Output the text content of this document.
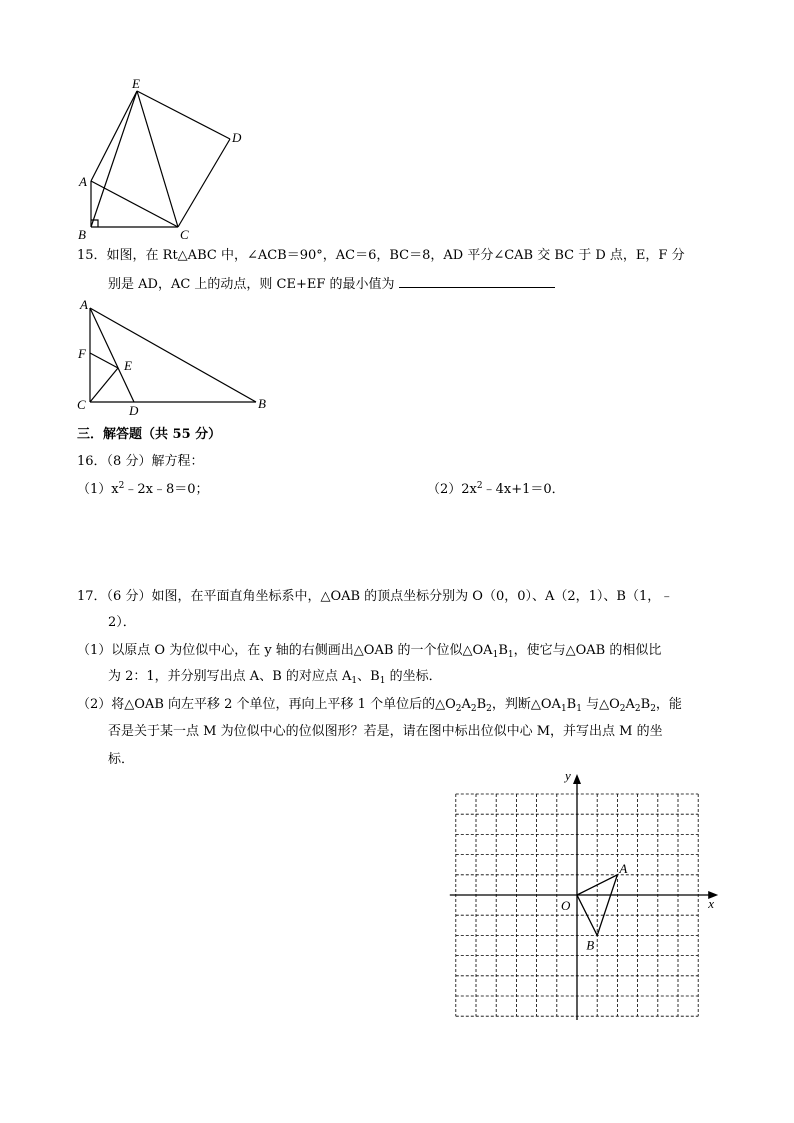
E
D
A
B	C
15．如图，在 Rt△ABC 中，∠ACB＝90°，AC＝6，BC＝8，AD 平分∠CAB 交 BC 于 D 点，E，F 分
别是 AD，AC 上的动点，则 CE+EF 的最小值为
A
F
E
C	D	B
三．解答题（共 55 分）
16．（8 分）解方程：
$(1)x^2﹣2x﹣8=0$；	$(2)2x^2﹣4x+1=0$．
17．（6 分）如图，在平面直角坐标系中，△OAB 的顶点坐标分别为 O（0，0）、A（2，1）、B（1，﹣
2）．
（1）以原点 O 为位似中心，在 y 轴的右侧画出△OAB 的一个位似$\triangle OA_1B_1$，使它与△OAB 的相似比
为 2：1，并分别写出点 A、B 的对应点 $A_1$、$B_1$ 的坐标．
（2）将△OAB 向左平移 2 个单位，再向上平移 1 个单位后的$\triangle O_2A_2B_2$，判断$\triangle OA_1B_1$ 与$\triangle O_2A_2B_2$，能
否是关于某一点 M 为位似中心的位似图形？若是，请在图中标出位似中心 M，并写出点 M 的坐
标．
x
y
O
A
B
